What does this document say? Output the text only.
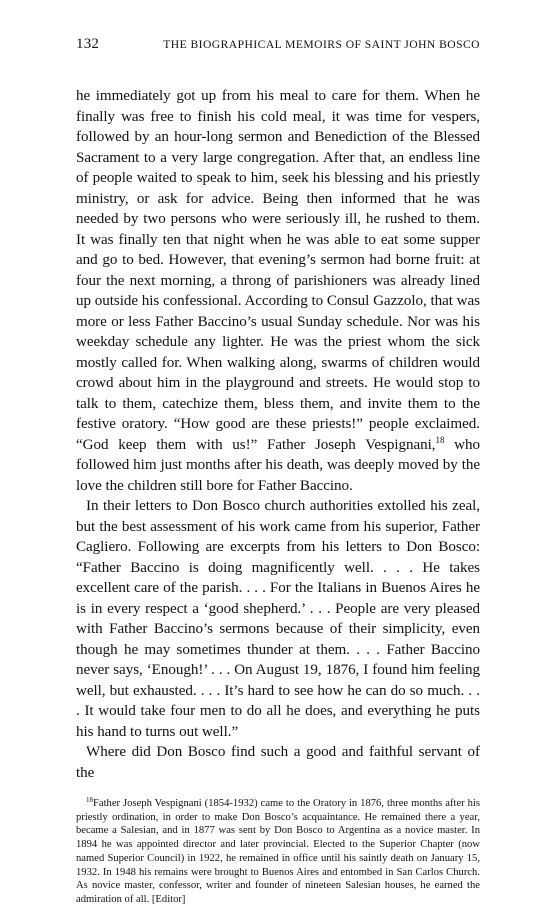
132	THE BIOGRAPHICAL MEMOIRS OF SAINT JOHN BOSCO

he immediately got up from his meal to care for them. When he finally was free to finish his cold meal, it was time for vespers, followed by an hour-long sermon and Benediction of the Blessed Sacrament to a very large congregation. After that, an endless line of people waited to speak to him, seek his blessing and his priestly ministry, or ask for advice. Being then informed that he was needed by two persons who were seriously ill, he rushed to them. It was finally ten that night when he was able to eat some supper and go to bed. However, that evening’s sermon had borne fruit: at four the next morning, a throng of parishioners was already lined up outside his confessional. According to Consul Gazzolo, that was more or less Father Baccino’s usual Sunday schedule. Nor was his weekday schedule any lighter. He was the priest whom the sick mostly called for. When walking along, swarms of children would crowd about him in the playground and streets. He would stop to talk to them, catechize them, bless them, and invite them to the festive oratory. “How good are these priests!” people exclaimed. “God keep them with us!” Father Joseph Vespignani,$^{18}$ who followed him just months after his death, was deeply moved by the love the children still bore for Father Baccino.

In their letters to Don Bosco church authorities extolled his zeal, but the best assessment of his work came from his superior, Father Cagliero. Following are excerpts from his letters to Don Bosco: “Father Baccino is doing magnificently well. . . . He takes excellent care of the parish. . . . For the Italians in Buenos Aires he is in every respect a ‘good shepherd.’ . . . People are very pleased with Father Baccino’s sermons because of their simplicity, even though he may sometimes thunder at them. . . . Father Baccino never says, ‘Enough!’ . . . On August 19, 1876, I found him feeling well, but exhausted. . . . It’s hard to see how he can do so much. . . . It would take four men to do all he does, and everything he puts his hand to turns out well.”

Where did Don Bosco find such a good and faithful servant of the

$^{18}$Father Joseph Vespignani (1854-1932) came to the Oratory in 1876, three months after his priestly ordination, in order to make Don Bosco’s acquaintance. He remained there a year, became a Salesian, and in 1877 was sent by Don Bosco to Argentina as a novice master. In 1894 he was appointed director and later provincial. Elected to the Superior Chapter (now named Superior Council) in 1922, he remained in office until his saintly death on January 15, 1932. In 1948 his remains were brought to Buenos Aires and entombed in San Carlos Church. As novice master, confessor, writer and founder of nineteen Salesian houses, he earned the admiration of all. [Editor]
